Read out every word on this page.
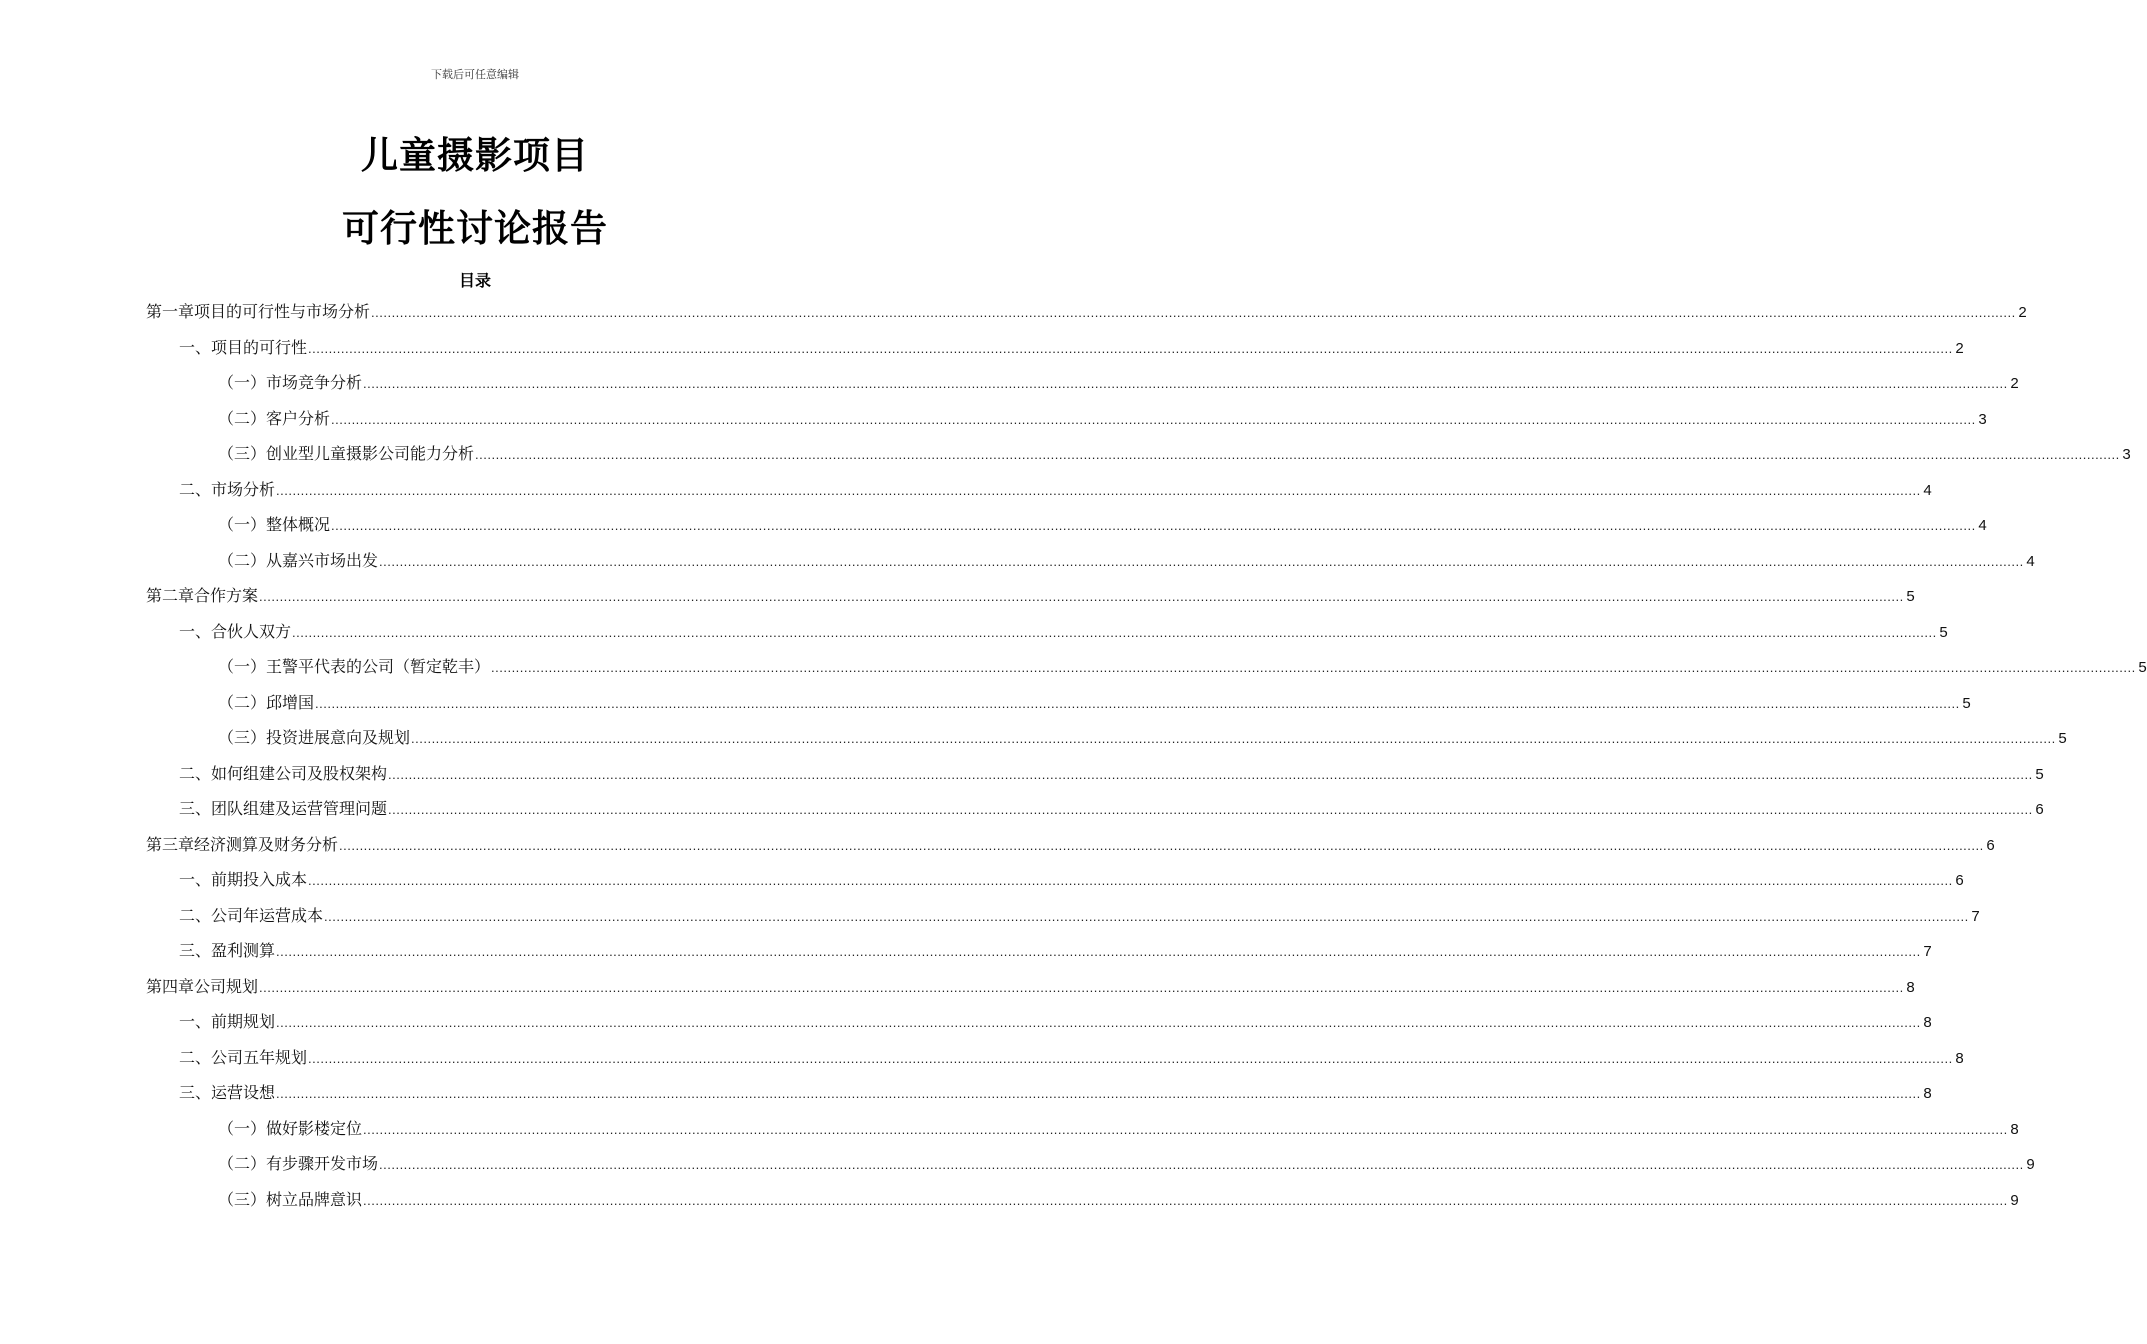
下载后可任意编辑
儿童摄影项目
可行性讨论报告
目录
第一章项目的可行性与市场分析 ................................................................................................................................................................................................................................................................................................................................................................................................................ 2
一、项目的可行性 ................................................................................................................................................................................................................................................................................................................................................................................................................ 2
（一）市场竞争分析 ................................................................................................................................................................................................................................................................................................................................................................................................................ 2
（二）客户分析 ................................................................................................................................................................................................................................................................................................................................................................................................................ 3
（三）创业型儿童摄影公司能力分析 ................................................................................................................................................................................................................................................................................................................................................................................................................ 3
二、市场分析 ................................................................................................................................................................................................................................................................................................................................................................................................................ 4
（一）整体概况 ................................................................................................................................................................................................................................................................................................................................................................................................................ 4
（二）从嘉兴市场出发 ................................................................................................................................................................................................................................................................................................................................................................................................................ 4
第二章合作方案 ................................................................................................................................................................................................................................................................................................................................................................................................................ 5
一、合伙人双方 ................................................................................................................................................................................................................................................................................................................................................................................................................ 5
（一）王警平代表的公司（暂定乾丰） ................................................................................................................................................................................................................................................................................................................................................................................................................ 5
（二）邱增国 ................................................................................................................................................................................................................................................................................................................................................................................................................ 5
（三）投资进展意向及规划 ................................................................................................................................................................................................................................................................................................................................................................................................................ 5
二、如何组建公司及股权架构 ................................................................................................................................................................................................................................................................................................................................................................................................................ 5
三、团队组建及运营管理问题 ................................................................................................................................................................................................................................................................................................................................................................................................................ 6
第三章经济测算及财务分析 ................................................................................................................................................................................................................................................................................................................................................................................................................ 6
一、前期投入成本 ................................................................................................................................................................................................................................................................................................................................................................................................................ 6
二、公司年运营成本 ................................................................................................................................................................................................................................................................................................................................................................................................................ 7
三、盈利测算 ................................................................................................................................................................................................................................................................................................................................................................................................................ 7
第四章公司规划 ................................................................................................................................................................................................................................................................................................................................................................................................................ 8
一、前期规划 ................................................................................................................................................................................................................................................................................................................................................................................................................ 8
二、公司五年规划 ................................................................................................................................................................................................................................................................................................................................................................................................................ 8
三、运营设想 ................................................................................................................................................................................................................................................................................................................................................................................................................ 8
（一）做好影楼定位 ................................................................................................................................................................................................................................................................................................................................................................................................................ 8
（二）有步骤开发市场 ................................................................................................................................................................................................................................................................................................................................................................................................................ 9
（三）树立品牌意识 ................................................................................................................................................................................................................................................................................................................................................................................................................ 9
